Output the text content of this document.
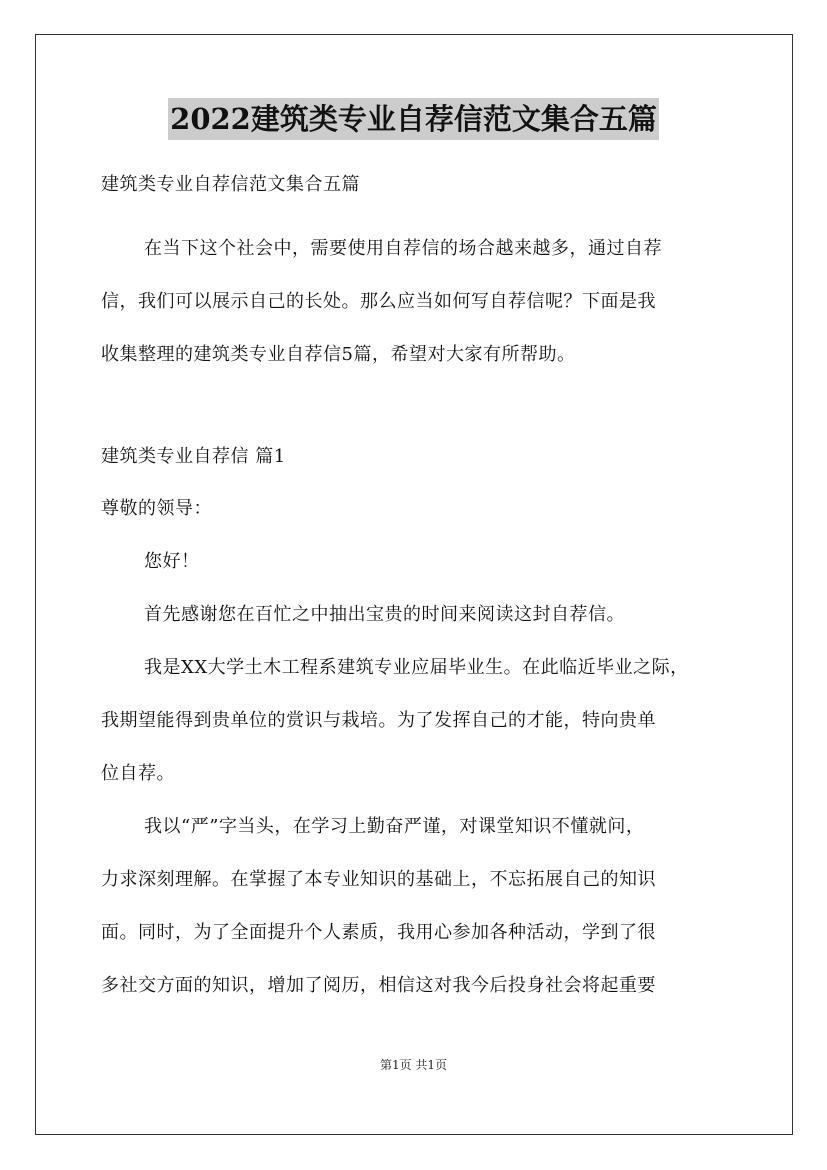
2022建筑类专业自荐信范文集合五篇

建筑类专业自荐信范文集合五篇

在当下这个社会中，需要使用自荐信的场合越来越多，通过自荐

信，我们可以展示自己的长处。那么应当如何写自荐信呢？下面是我

收集整理的建筑类专业自荐信5篇，希望对大家有所帮助。

建筑类专业自荐信 篇1

尊敬的领导：

您好！

首先感谢您在百忙之中抽出宝贵的时间来阅读这封自荐信。

我是XX大学土木工程系建筑专业应届毕业生。在此临近毕业之际，

我期望能得到贵单位的赏识与栽培。为了发挥自己的才能，特向贵单

位自荐。

我以“严”字当头，在学习上勤奋严谨，对课堂知识不懂就问，

力求深刻理解。在掌握了本专业知识的基础上，不忘拓展自己的知识

面。同时，为了全面提升个人素质，我用心参加各种活动，学到了很

多社交方面的知识，增加了阅历，相信这对我今后投身社会将起重要

第1页 共1页
